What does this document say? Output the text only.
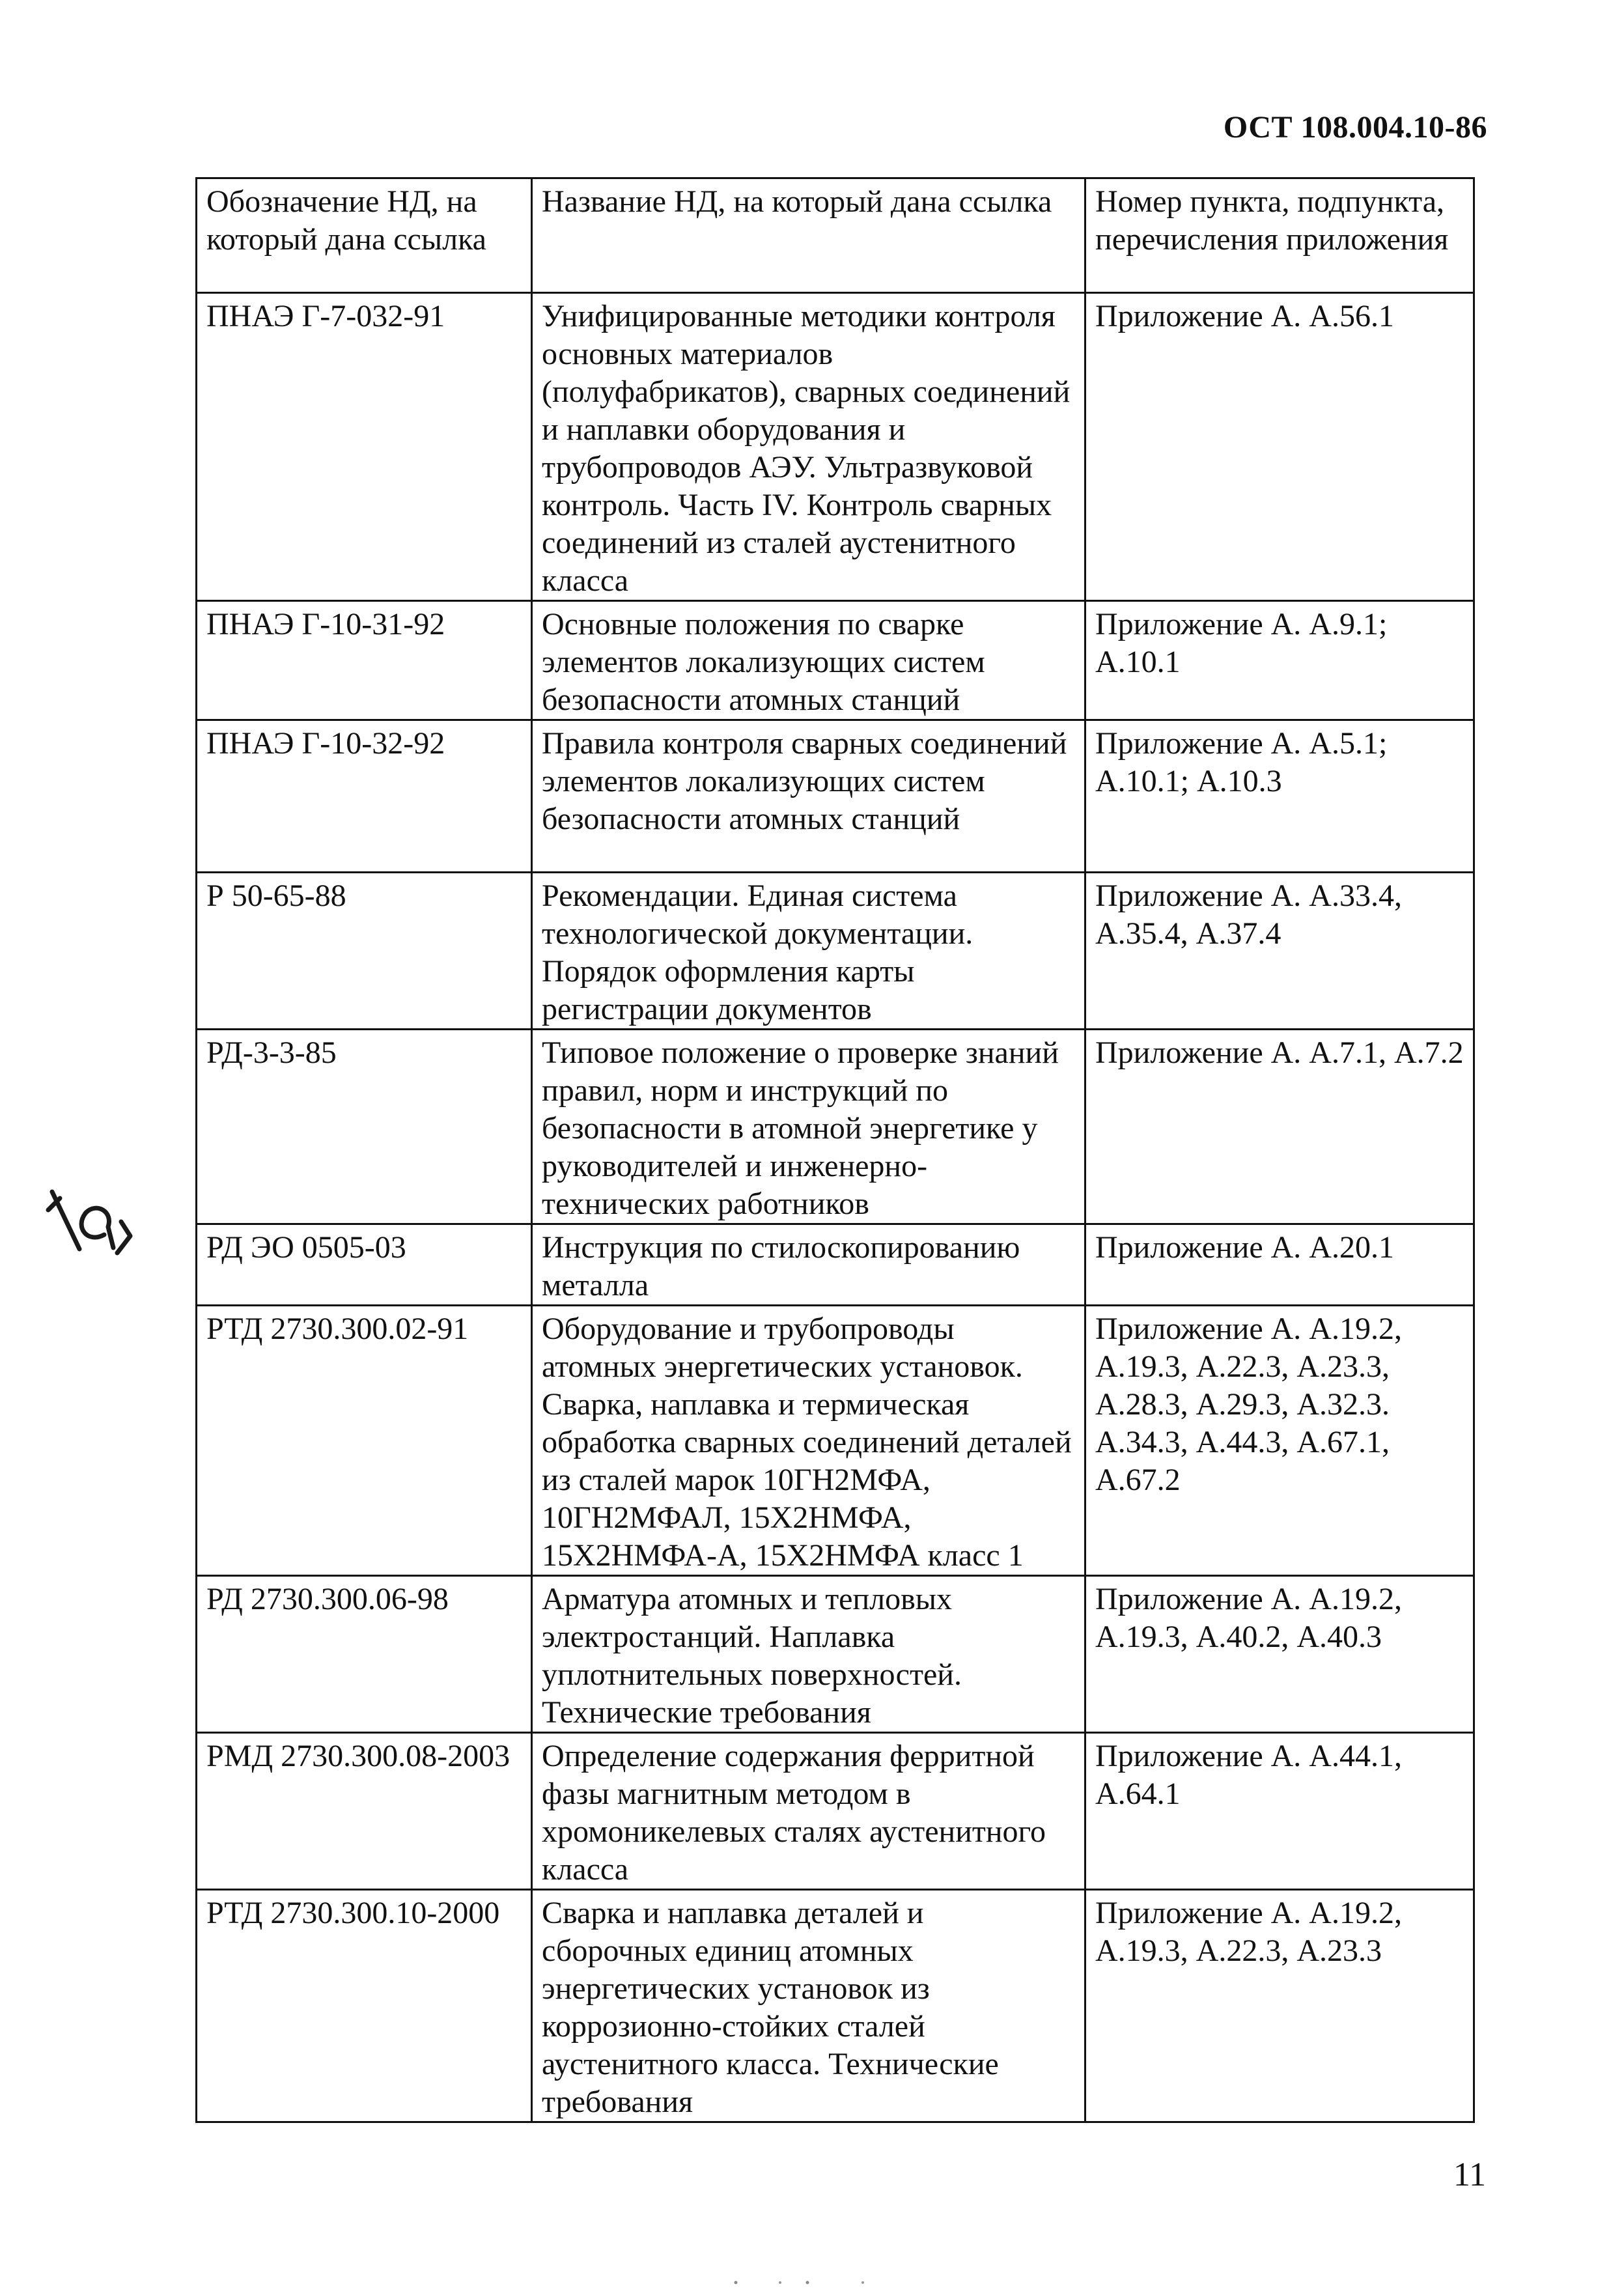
ОСТ 108.004.10-86
Обозначение НД, на который дана ссылка	Название НД, на который дана ссылка	Номер пункта, подпункта, перечисления приложения
ПНАЭ Г-7-032-91	Унифицированные методики контроля основных материалов (полуфабрикатов), сварных соединений и наплавки оборудования и трубопроводов АЭУ. Ультразвуковой контроль. Часть IV. Контроль сварных соединений из сталей аустенитного класса	Приложение А. А.56.1
ПНАЭ Г-10-31-92	Основные положения по сварке элементов локализующих систем безопасности атомных станций	Приложение А. А.9.1; А.10.1
ПНАЭ Г-10-32-92	Правила контроля сварных соединений элементов локализующих систем безопасности атомных станций	Приложение А. А.5.1; А.10.1; А.10.3
Р 50-65-88	Рекомендации. Единая система технологической документации. Порядок оформления карты регистрации документов	Приложение А. А.33.4, А.35.4, А.37.4
РД-3-3-85	Типовое положение о проверке знаний правил, норм и инструкций по безопасности в атомной энергетике у руководителей и инженерно-технических работников	Приложение А. А.7.1, А.7.2
РД ЭО 0505-03	Инструкция по стилоскопированию металла	Приложение А. А.20.1
РТД 2730.300.02-91	Оборудование и трубопроводы атомных энергетических установок. Сварка, наплавка и термическая обработка сварных соединений деталей из сталей марок 10ГН2МФА, 10ГН2МФАЛ, 15Х2НМФА, 15Х2НМФА-А, 15Х2НМФА класс 1	Приложение А. А.19.2, А.19.3, А.22.3, А.23.3, А.28.3, А.29.3, А.32.3. А.34.3, А.44.3, А.67.1, А.67.2
РД 2730.300.06-98	Арматура атомных и тепловых электростанций. Наплавка уплотнительных поверхностей. Технические требования	Приложение А. А.19.2, А.19.3, А.40.2, А.40.3
РМД 2730.300.08-2003	Определение содержания ферритной фазы магнитным методом в хромоникелевых сталях аустенитного класса	Приложение А. А.44.1, А.64.1
РТД 2730.300.10-2000	Сварка и наплавка деталей и сборочных единиц атомных энергетических установок из коррозионно-стойких сталей аустенитного класса. Технические требования	Приложение А. А.19.2, А.19.3, А.22.3, А.23.3
11
